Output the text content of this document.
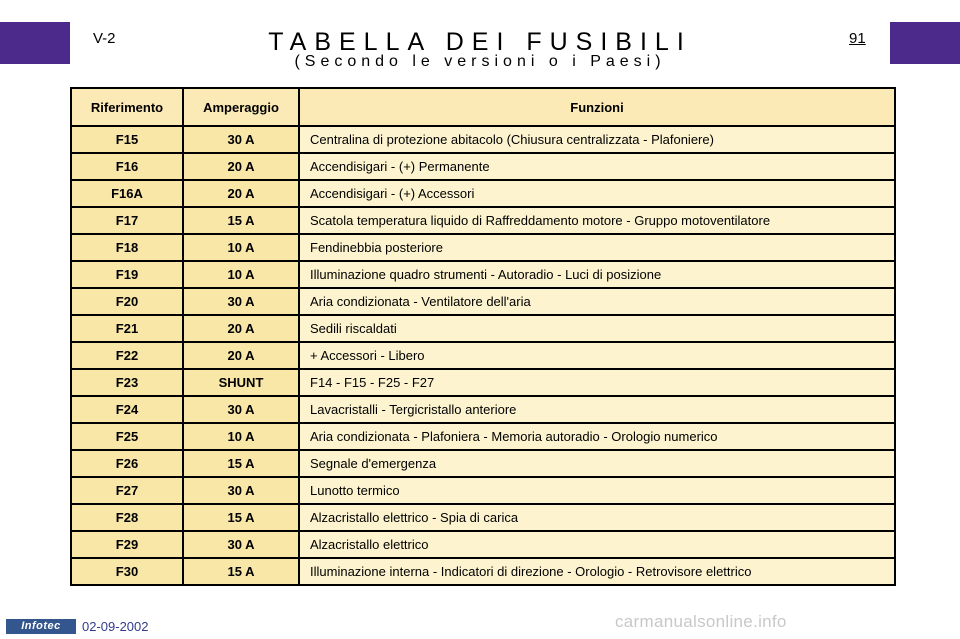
V-2	91
TABELLA DEI FUSIBILI
(Secondo le versioni o i Paesi)
Riferimento	Amperaggio	Funzioni
F15	30 A	Centralina di protezione abitacolo (Chiusura centralizzata - Plafoniere)
F16	20 A	Accendisigari - (+) Permanente
F16A	20 A	Accendisigari - (+) Accessori
F17	15 A	Scatola temperatura liquido di Raffreddamento motore - Gruppo motoventilatore
F18	10 A	Fendinebbia posteriore
F19	10 A	Illuminazione quadro strumenti - Autoradio - Luci di posizione
F20	30 A	Aria condizionata - Ventilatore dell'aria
F21	20 A	Sedili riscaldati
F22	20 A	+ Accessori - Libero
F23	SHUNT	F14 - F15 - F25 - F27
F24	30 A	Lavacristalli - Tergicristallo anteriore
F25	10 A	Aria condizionata - Plafoniera - Memoria autoradio - Orologio numerico
F26	15 A	Segnale d'emergenza
F27	30 A	Lunotto termico
F28	15 A	Alzacristallo elettrico - Spia di carica
F29	30 A	Alzacristallo elettrico
F30	15 A	Illuminazione interna - Indicatori di direzione - Orologio - Retrovisore elettrico
Infotec	02-09-2002	carmanualsonline.info
